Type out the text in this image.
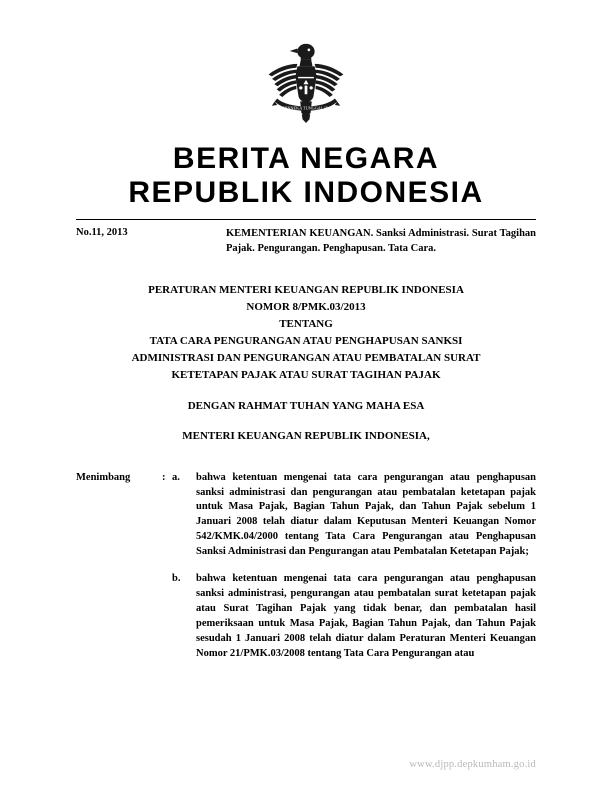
BHINNEKA TUNGGAL IKA
BERITA NEGARA
REPUBLIK INDONESIA
No.11, 2013	KEMENTERIAN KEUANGAN. Sanksi Administrasi. Surat Tagihan Pajak. Pengurangan. Penghapusan. Tata Cara.
PERATURAN MENTERI KEUANGAN REPUBLIK INDONESIA
NOMOR 8/PMK.03/2013
TENTANG
TATA CARA PENGURANGAN ATAU PENGHAPUSAN SANKSI
ADMINISTRASI DAN PENGURANGAN ATAU PEMBATALAN SURAT
KETETAPAN PAJAK ATAU SURAT TAGIHAN PAJAK
DENGAN RAHMAT TUHAN YANG MAHA ESA
MENTERI KEUANGAN REPUBLIK INDONESIA,
Menimbang	: a.	bahwa ketentuan mengenai tata cara pengurangan atau penghapusan sanksi administrasi dan pengurangan atau pembatalan ketetapan pajak untuk Masa Pajak, Bagian Tahun Pajak, dan Tahun Pajak sebelum 1 Januari 2008 telah diatur dalam Keputusan Menteri Keuangan Nomor 542/KMK.04/2000 tentang Tata Cara Pengurangan atau Penghapusan Sanksi Administrasi dan Pengurangan atau Pembatalan Ketetapan Pajak;
b.	bahwa ketentuan mengenai tata cara pengurangan atau penghapusan sanksi administrasi, pengurangan atau pembatalan surat ketetapan pajak atau Surat Tagihan Pajak yang tidak benar, dan pembatalan hasil pemeriksaan untuk Masa Pajak, Bagian Tahun Pajak, dan Tahun Pajak sesudah 1 Januari 2008 telah diatur dalam Peraturan Menteri Keuangan Nomor 21/PMK.03/2008 tentang Tata Cara Pengurangan atau
www.djpp.depkumham.go.id
